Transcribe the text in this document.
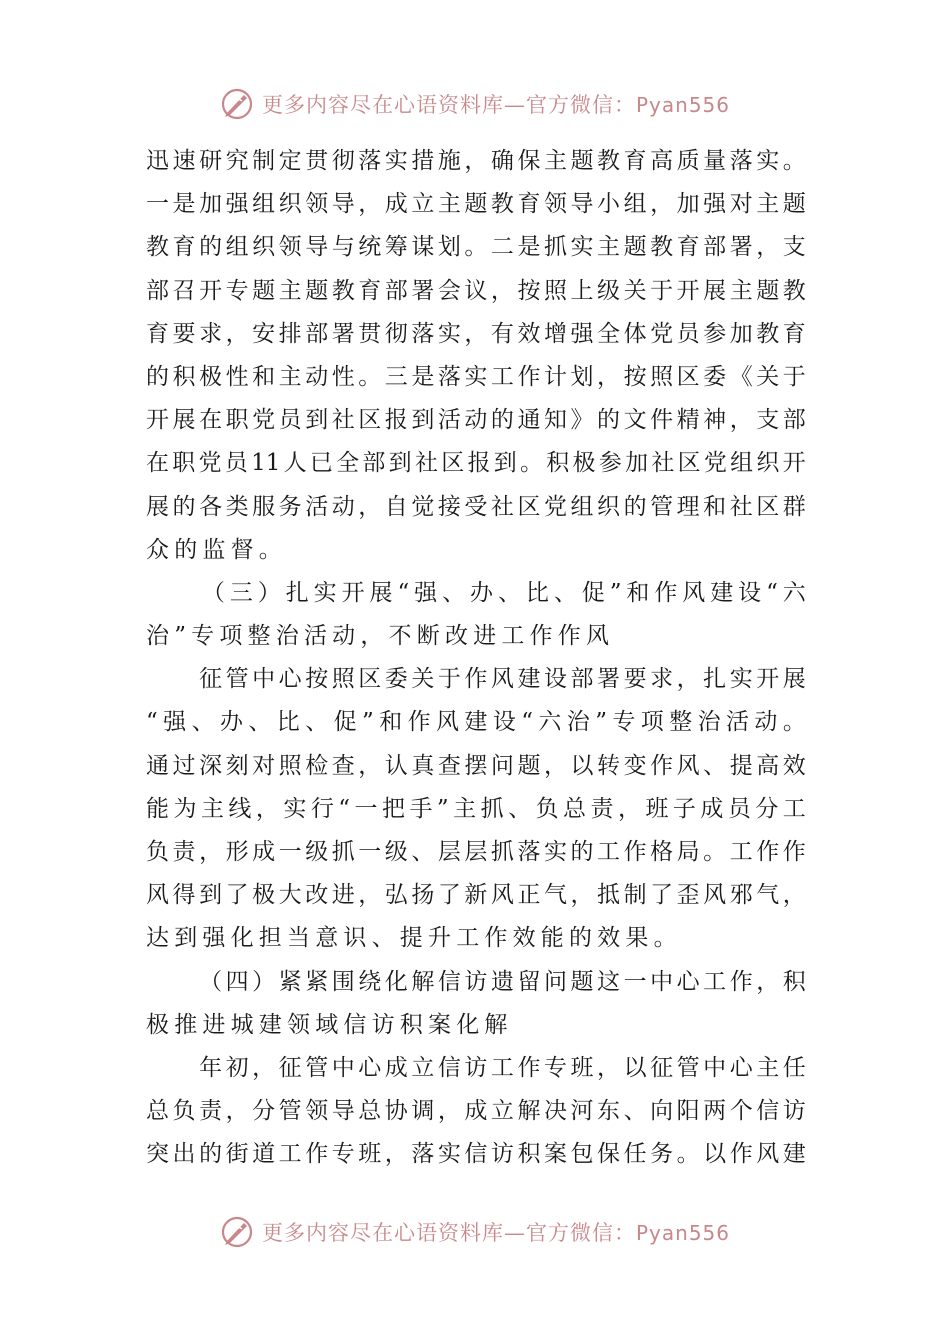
更多内容尽在心语资料库—官方微信：Pyan556
迅 速 研 究 制 定 贯 彻 落 实 措 施 ， 确 保 主 题 教 育 高 质 量 落 实 。
一 是 加 强 组 织 领 导 ， 成 立 主 题 教 育 领 导 小 组 ， 加 强 对 主 题
教 育 的 组 织 领 导 与 统 筹 谋 划 。 二 是 抓 实 主 题 教 育 部 署 ， 支
部 召 开 专 题 主 题 教 育 部 署 会 议 ， 按 照 上 级 关 于 开 展 主 题 教
育 要 求 ， 安 排 部 署 贯 彻 落 实 ， 有 效 增 强 全 体 党 员 参 加 教 育
的 积 极 性 和 主 动 性 。 三 是 落 实 工 作 计 划 ， 按 照 区 委 《 关 于
开 展 在 职 党 员 到 社 区 报 到 活 动 的 通 知 》 的 文 件 精 神 ， 支 部
在 职 党 员 11 人 已 全 部 到 社 区 报 到 。 积 极 参 加 社 区 党 组 织 开
展 的 各 类 服 务 活 动 ， 自 觉 接 受 社 区 党 组 织 的 管 理 和 社 区 群
众的监督。

（ 三 ） 扎 实 开 展 “ 强 、 办 、 比 、 促 ” 和 作 风 建 设 “ 六
治”专项整治活动，不断改进工作作风

征 管 中 心 按 照 区 委 关 于 作 风 建 设 部 署 要 求 ， 扎 实 开 展
“ 强 、 办 、 比 、 促 ” 和 作 风 建 设 “ 六 治 ” 专 项 整 治 活 动 。
通 过 深 刻 对 照 检 查 ， 认 真 查 摆 问 题 ， 以 转 变 作 风 、 提 高 效
能 为 主 线 ， 实 行 “ 一 把 手 ” 主 抓 、 负 总 责 ， 班 子 成 员 分 工
负 责 ， 形 成 一 级 抓 一 级 、 层 层 抓 落 实 的 工 作 格 局 。 工 作 作
风 得 到 了 极 大 改 进 ， 弘 扬 了 新 风 正 气 ， 抵 制 了 歪 风 邪 气 ，
达到强化担当意识、提升工作效能的效果。

（ 四 ） 紧 紧 围 绕 化 解 信 访 遗 留 问 题 这 一 中 心 工 作 ， 积
极推进城建领域信访积案化解

年 初 ， 征 管 中 心 成 立 信 访 工 作 专 班 ， 以 征 管 中 心 主 任
总 负 责 ， 分 管 领 导 总 协 调 ， 成 立 解 决 河 东 、 向 阳 两 个 信 访
突 出 的 街 道 工 作 专 班 ， 落 实 信 访 积 案 包 保 任 务 。 以 作 风 建
更多内容尽在心语资料库—官方微信：Pyan556
